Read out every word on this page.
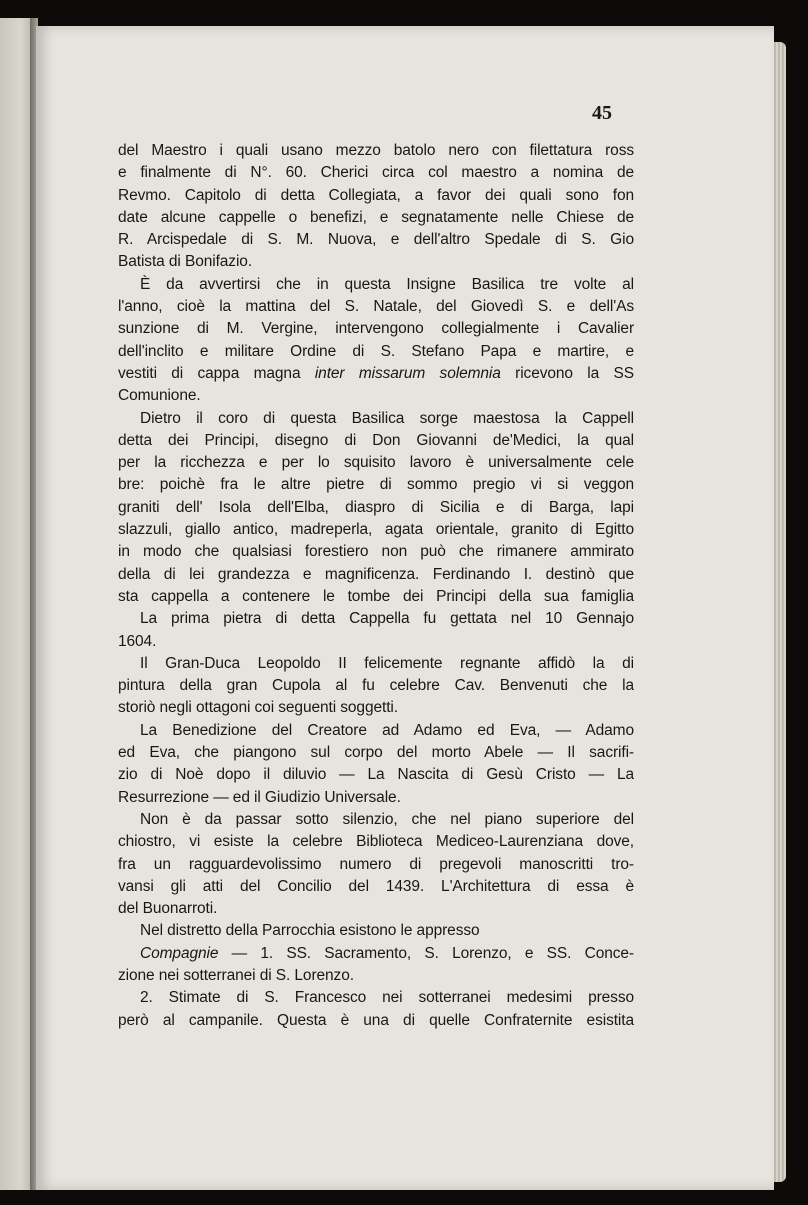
45
del Maestro i quali usano mezzo batolo nero con filettatura ross
e finalmente di N°. 60. Cherici circa col maestro a nomina de
Revmo. Capitolo di detta Collegiata, a favor dei quali sono fon
date alcune cappelle o benefizi, e segnatamente nelle Chiese de
R. Arcispedale di S. M. Nuova, e dell'altro Spedale di S. Gio
Batista di Bonifazio.
È da avvertirsi che in questa Insigne Basilica tre volte al
l'anno, cioè la mattina del S. Natale, del Giovedì S. e dell'As
sunzione di M. Vergine, intervengono collegialmente i Cavalier
dell'inclito e militare Ordine di S. Stefano Papa e martire, e
vestiti di cappa magna inter missarum solemnia ricevono la SS
Comunione.
Dietro il coro di questa Basilica sorge maestosa la Cappell
detta dei Principi, disegno di Don Giovanni de'Medici, la qual
per la ricchezza e per lo squisito lavoro è universalmente cele
bre: poichè fra le altre pietre di sommo pregio vi si veggon
graniti dell' Isola dell'Elba, diaspro di Sicilia e di Barga, lapi
slazzuli, giallo antico, madreperla, agata orientale, granito di Egitto
in modo che qualsiasi forestiero non può che rimanere ammirato
della di lei grandezza e magnificenza. Ferdinando I. destinò que
sta cappella a contenere le tombe dei Principi della sua famiglia
La prima pietra di detta Cappella fu gettata nel 10 Gennajo
1604.
Il Gran-Duca Leopoldo II felicemente regnante affidò la di
pintura della gran Cupola al fu celebre Cav. Benvenuti che la
storiò negli ottagoni coi seguenti soggetti.
La Benedizione del Creatore ad Adamo ed Eva, — Adamo
ed Eva, che piangono sul corpo del morto Abele — Il sacrifi-
zio di Noè dopo il diluvio — La Nascita di Gesù Cristo — La
Resurrezione — ed il Giudizio Universale.
Non è da passar sotto silenzio, che nel piano superiore del
chiostro, vi esiste la celebre Biblioteca Mediceo-Laurenziana dove,
fra un ragguardevolissimo numero di pregevoli manoscritti tro-
vansi gli atti del Concilio del 1439. L'Architettura di essa è
del Buonarroti.
Nel distretto della Parrocchia esistono le appresso
Compagnie — 1. SS. Sacramento, S. Lorenzo, e SS. Conce-
zione nei sotterranei di S. Lorenzo.
2. Stimate di S. Francesco nei sotterranei medesimi presso
però al campanile. Questa è una di quelle Confraternite esistita
